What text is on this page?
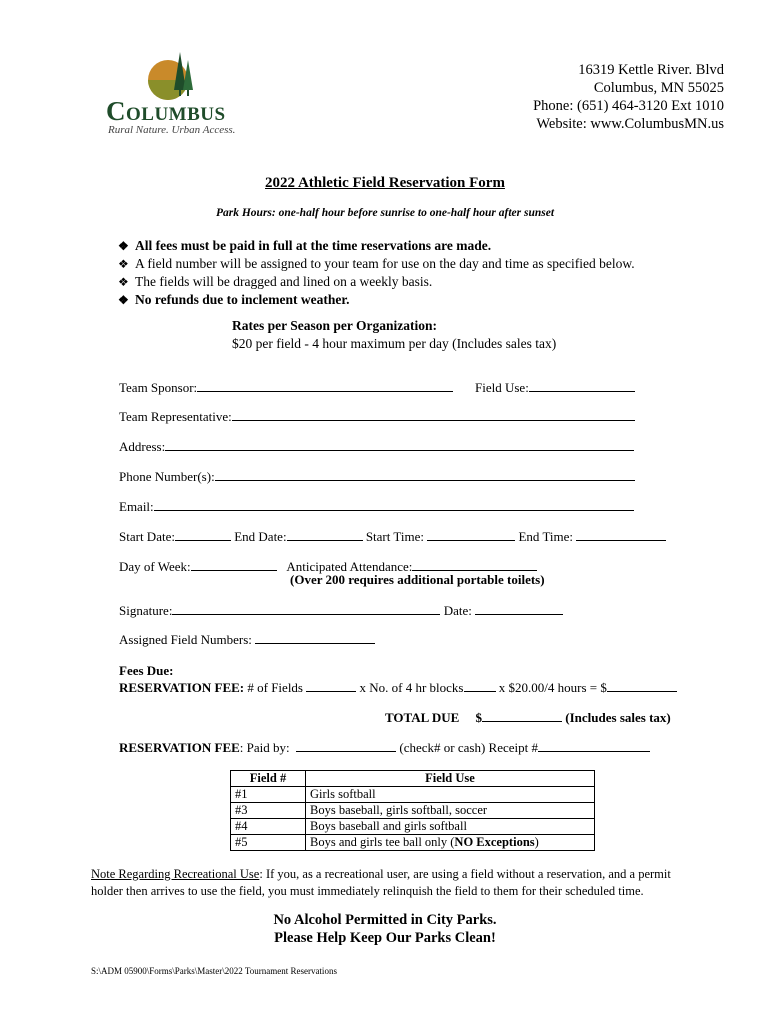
Columbus
Rural Nature. Urban Access.
16319 Kettle River. Blvd
Columbus, MN 55025
Phone: (651) 464-3120 Ext 1010
Website: www.ColumbusMN.us
2022 Athletic Field Reservation Form
Park Hours: one-half hour before sunrise to one-half hour after sunset
❖ All fees must be paid in full at the time reservations are made.
❖ A field number will be assigned to your team for use on the day and time as specified below.
❖ The fields will be dragged and lined on a weekly basis.
❖ No refunds due to inclement weather.
Rates per Season per Organization:
$20 per field - 4 hour maximum per day (Includes sales tax)
Team Sponsor:	Field Use:
Team Representative:
Address:
Phone Number(s):
Email:
Start Date:	End Date:	Start Time:	End Time:
Day of Week:	Anticipated Attendance:
(Over 200 requires additional portable toilets)
Signature:	Date:
Assigned Field Numbers:
Fees Due:
RESERVATION FEE: # of Fields	x No. of 4 hr blocks	x $20.00/4 hours = $
TOTAL DUE     $	(Includes sales tax)
RESERVATION FEE: Paid by:	(check# or cash) Receipt #
Field #	Field Use
#1	Girls softball
#3	Boys baseball, girls softball, soccer
#4	Boys baseball and girls softball
#5	Boys and girls tee ball only (NO Exceptions)
Note Regarding Recreational Use: If you, as a recreational user, are using a field without a reservation, and a permit holder then arrives to use the field, you must immediately relinquish the field to them for their scheduled time.
No Alcohol Permitted in City Parks.
Please Help Keep Our Parks Clean!
S:\ADM 05900\Forms\Parks\Master\2022 Tournament Reservations
